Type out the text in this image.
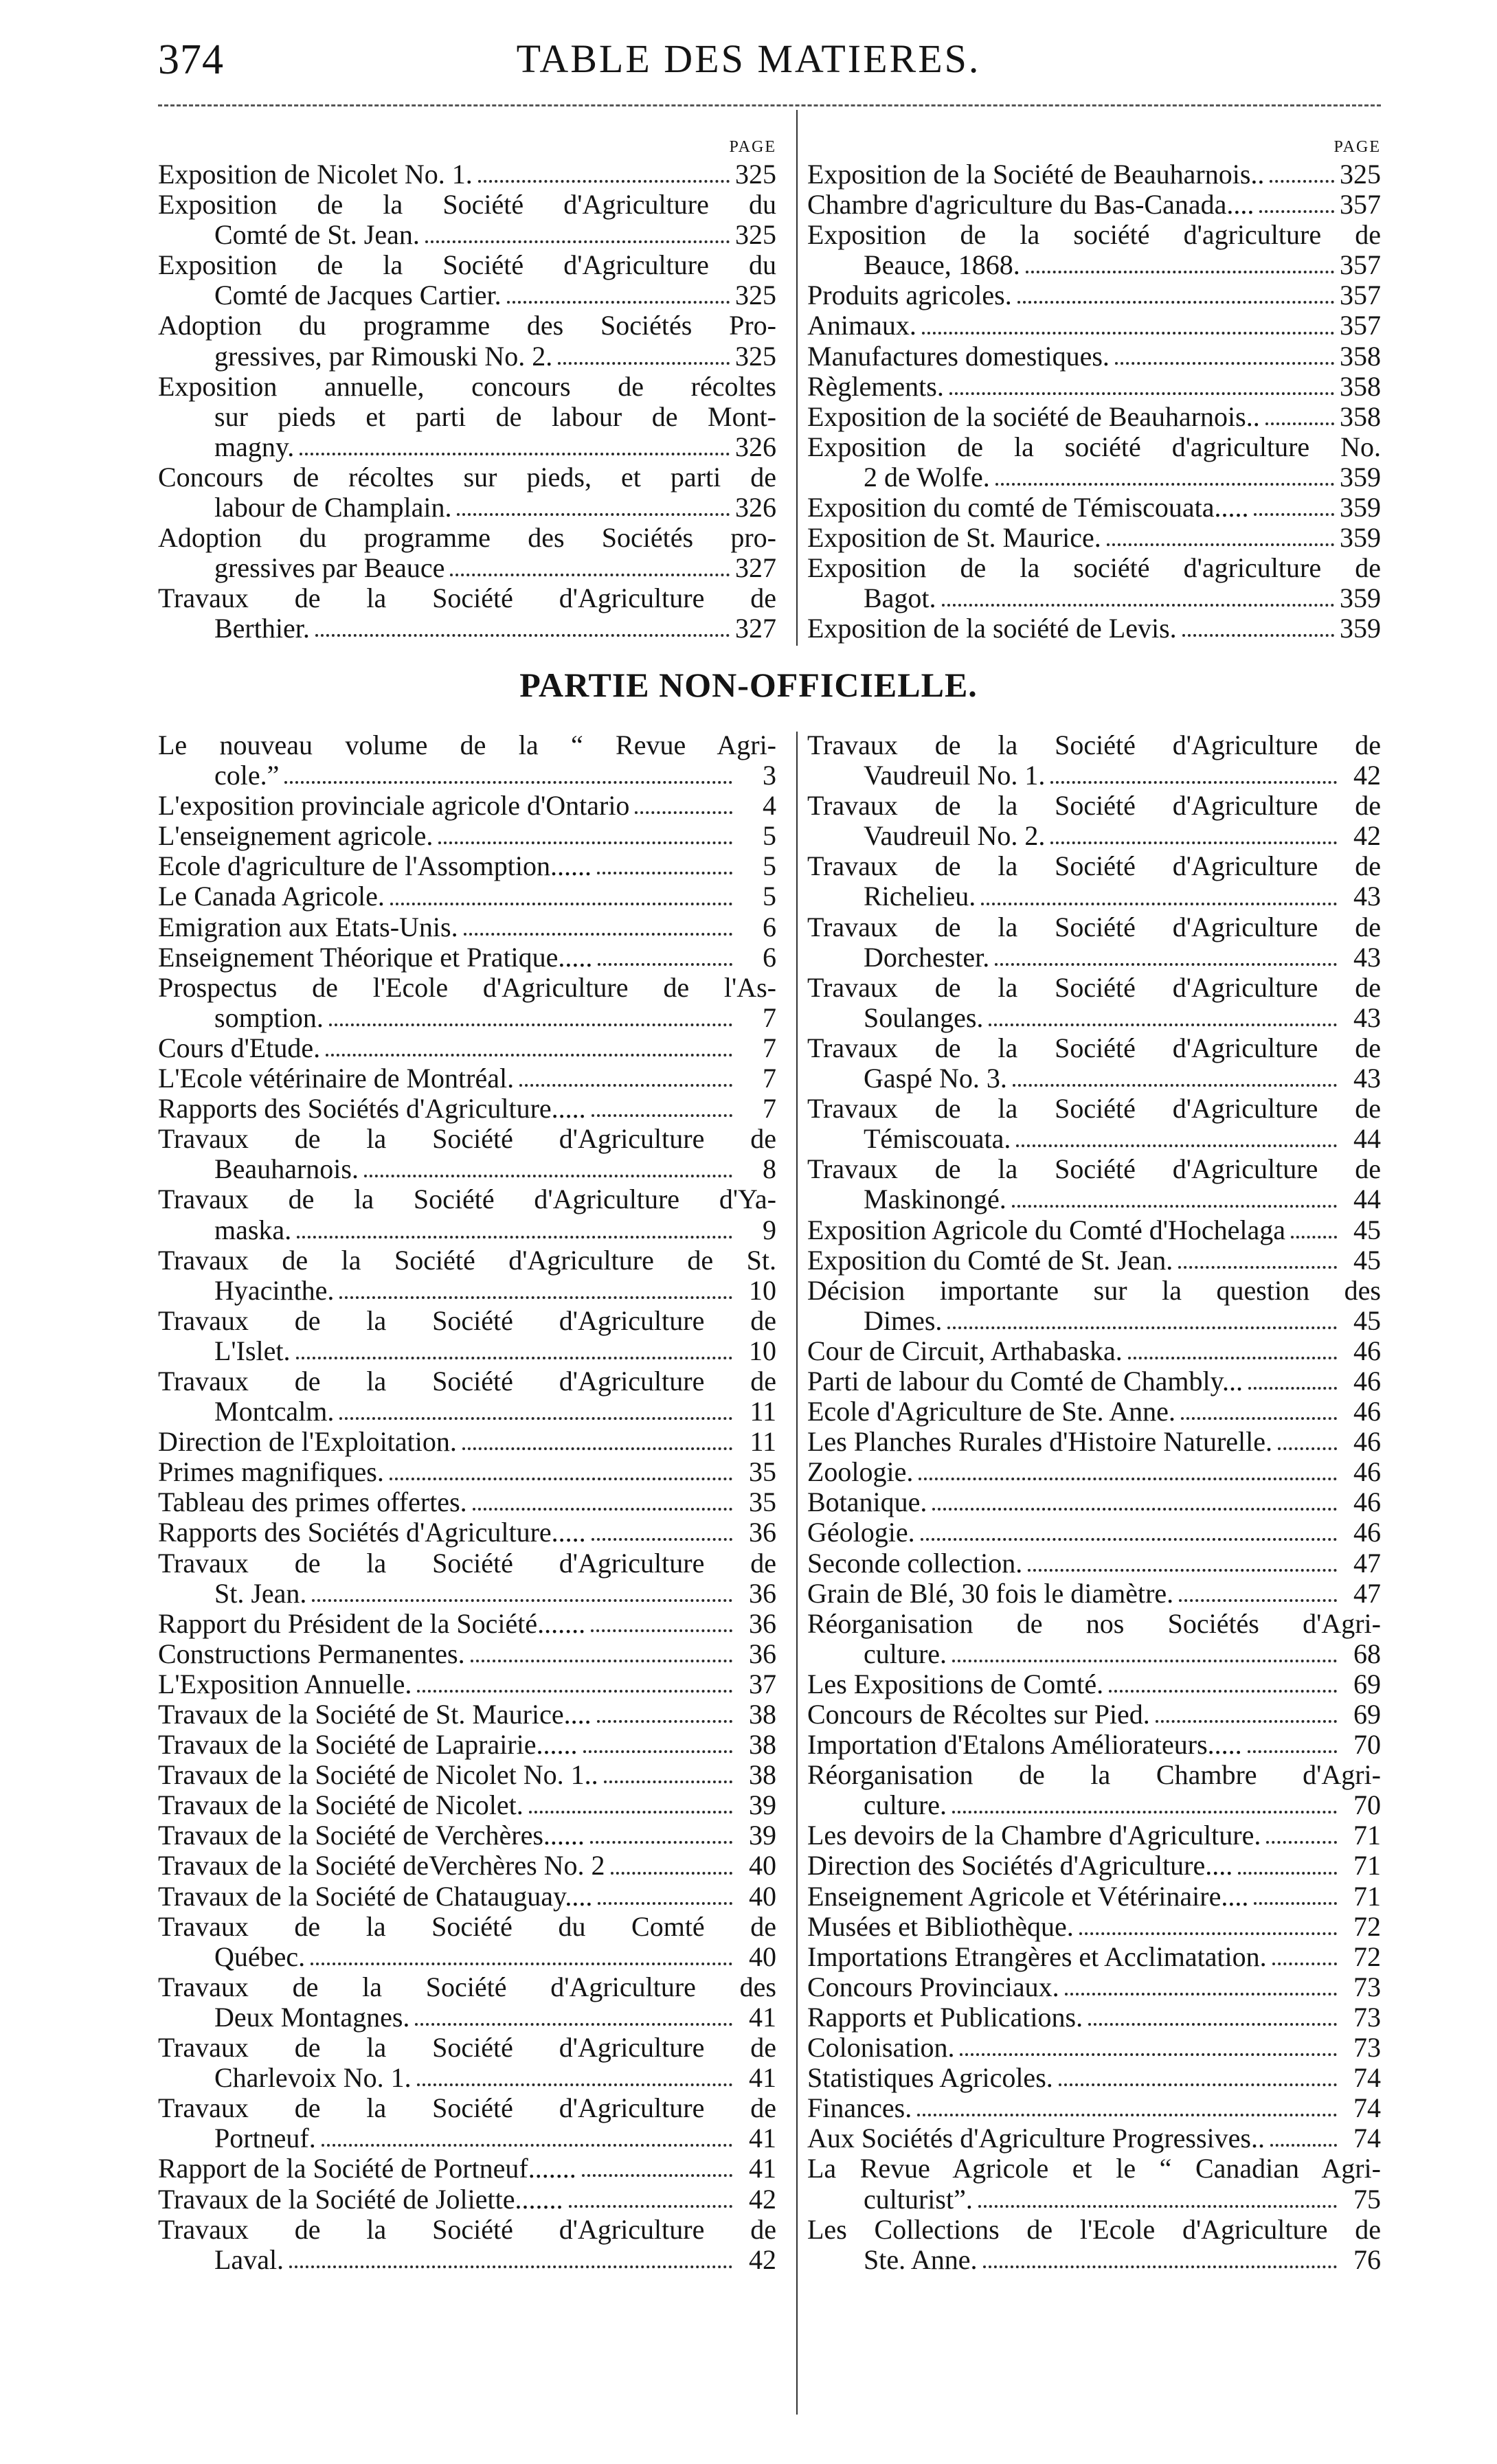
374	TABLE DES MATIERES.
PAGE
Exposition de Nicolet No. 1.	325
Exposition de la Société d'Agriculture du
Comté de St. Jean.	325
Exposition de la Société d'Agriculture du
Comté de Jacques Cartier.	325
Adoption du programme des Sociétés Pro-
gressives, par Rimouski No. 2.	325
Exposition annuelle, concours de récoltes
sur pieds et parti de labour de Mont-
magny.	326
Concours de récoltes sur pieds, et parti de
labour de Champlain.	326
Adoption du programme des Sociétés pro-
gressives par Beauce	327
Travaux de la Société d'Agriculture de
Berthier.	327
PAGE
Exposition de la Société de Beauharnois..	325
Chambre d'agriculture du Bas-Canada....	357
Exposition de la société d'agriculture de
Beauce, 1868.	357
Produits agricoles.	357
Animaux.	357
Manufactures domestiques.	358
Règlements.	358
Exposition de la société de Beauharnois..	358
Exposition de la société d'agriculture No.
2 de Wolfe.	359
Exposition du comté de Témiscouata.....	359
Exposition de St. Maurice.	359
Exposition de la société d'agriculture de
Bagot.	359
Exposition de la société de Levis.	359
PARTIE NON-OFFICIELLE.
Le nouveau volume de la “ Revue Agri-
cole.”	3
L'exposition provinciale agricole d'Ontario	4
L'enseignement agricole.	5
Ecole d'agriculture de l'Assomption......	5
Le Canada Agricole.	5
Emigration aux Etats-Unis.	6
Enseignement Théorique et Pratique.....	6
Prospectus de l'Ecole d'Agriculture de l'As-
somption.	7
Cours d'Etude.	7
L'Ecole vétérinaire de Montréal.	7
Rapports des Sociétés d'Agriculture.....	7
Travaux de la Société d'Agriculture de
Beauharnois.	8
Travaux de la Société d'Agriculture d'Ya-
maska.	9
Travaux de la Société d'Agriculture de St.
Hyacinthe.	10
Travaux de la Société d'Agriculture de
L'Islet.	10
Travaux de la Société d'Agriculture de
Montcalm.	11
Direction de l'Exploitation.	11
Primes magnifiques.	35
Tableau des primes offertes.	35
Rapports des Sociétés d'Agriculture.....	36
Travaux de la Société d'Agriculture de
St. Jean.	36
Rapport du Président de la Société.......	36
Constructions Permanentes.	36
L'Exposition Annuelle.	37
Travaux de la Société de St. Maurice....	38
Travaux de la Société de Laprairie......	38
Travaux de la Société de Nicolet No. 1..	38
Travaux de la Société de Nicolet.	39
Travaux de la Société de Verchères......	39
Travaux de la Société deVerchères No. 2	40
Travaux de la Société de Chatauguay....	40
Travaux de la Société du Comté de
Québec.	40
Travaux de la Société d'Agriculture des
Deux Montagnes.	41
Travaux de la Société d'Agriculture de
Charlevoix No. 1.	41
Travaux de la Société d'Agriculture de
Portneuf.	41
Rapport de la Société de Portneuf.......	41
Travaux de la Société de Joliette.......	42
Travaux de la Société d'Agriculture de
Laval.	42
Travaux de la Société d'Agriculture de
Vaudreuil No. 1.	42
Travaux de la Société d'Agriculture de
Vaudreuil No. 2.	42
Travaux de la Société d'Agriculture de
Richelieu.	43
Travaux de la Société d'Agriculture de
Dorchester.	43
Travaux de la Société d'Agriculture de
Soulanges.	43
Travaux de la Société d'Agriculture de
Gaspé No. 3.	43
Travaux de la Société d'Agriculture de
Témiscouata.	44
Travaux de la Société d'Agriculture de
Maskinongé.	44
Exposition Agricole du Comté d'Hochelaga	45
Exposition du Comté de St. Jean.	45
Décision importante sur la question des
Dimes.	45
Cour de Circuit, Arthabaska.	46
Parti de labour du Comté de Chambly...	46
Ecole d'Agriculture de Ste. Anne.	46
Les Planches Rurales d'Histoire Naturelle.	46
Zoologie.	46
Botanique.	46
Géologie.	46
Seconde collection.	47
Grain de Blé, 30 fois le diamètre.	47
Réorganisation de nos Sociétés d'Agri-
culture.	68
Les Expositions de Comté.	69
Concours de Récoltes sur Pied.	69
Importation d'Etalons Améliorateurs.....	70
Réorganisation de la Chambre d'Agri-
culture.	70
Les devoirs de la Chambre d'Agriculture.	71
Direction des Sociétés d'Agriculture....	71
Enseignement Agricole et Vétérinaire....	71
Musées et Bibliothèque.	72
Importations Etrangères et Acclimatation.	72
Concours Provinciaux.	73
Rapports et Publications.	73
Colonisation.	73
Statistiques Agricoles.	74
Finances.	74
Aux Sociétés d'Agriculture Progressives..	74
La Revue Agricole et le “ Canadian Agri-
culturist”.	75
Les Collections de l'Ecole d'Agriculture de
Ste. Anne.	76
